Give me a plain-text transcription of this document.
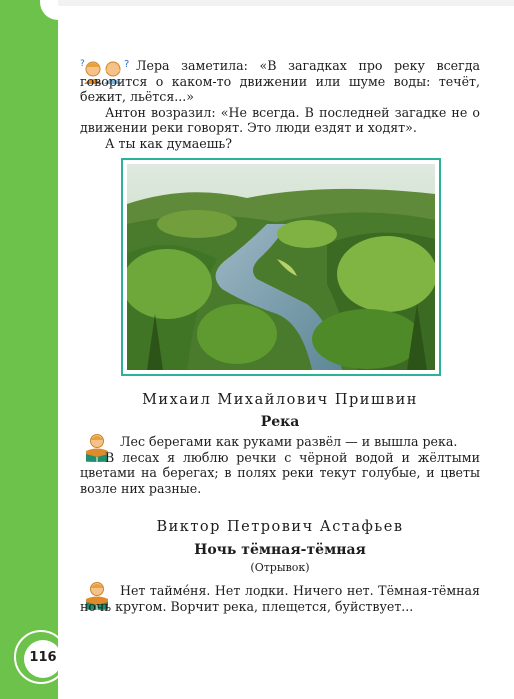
?
?	Лера заметила: «В загадках про реку всегда говорится о каком-то движении или шуме воды: течёт, бежит, льётся...»

Антон возразил: «Не всегда. В последней загадке не о движении реки говорят. Это люди ездят и ходят».

А ты как думаешь?

Михаил Михайлович Пришвин
Река

Лес берегами как руками развёл — и вышла река.

В лесах я люблю речки с чёрной водой и жёлтыми цветами на берегах; в полях реки текут голубые, и цветы возле них разные.

Виктор Петрович Астафьев
Ночь тёмная-тёмная
(Отрывок)

Нет тайме́ня. Нет лодки. Ничего нет. Тёмная-тёмная ночь кругом. Ворчит река, плещется, буйствует...

116
